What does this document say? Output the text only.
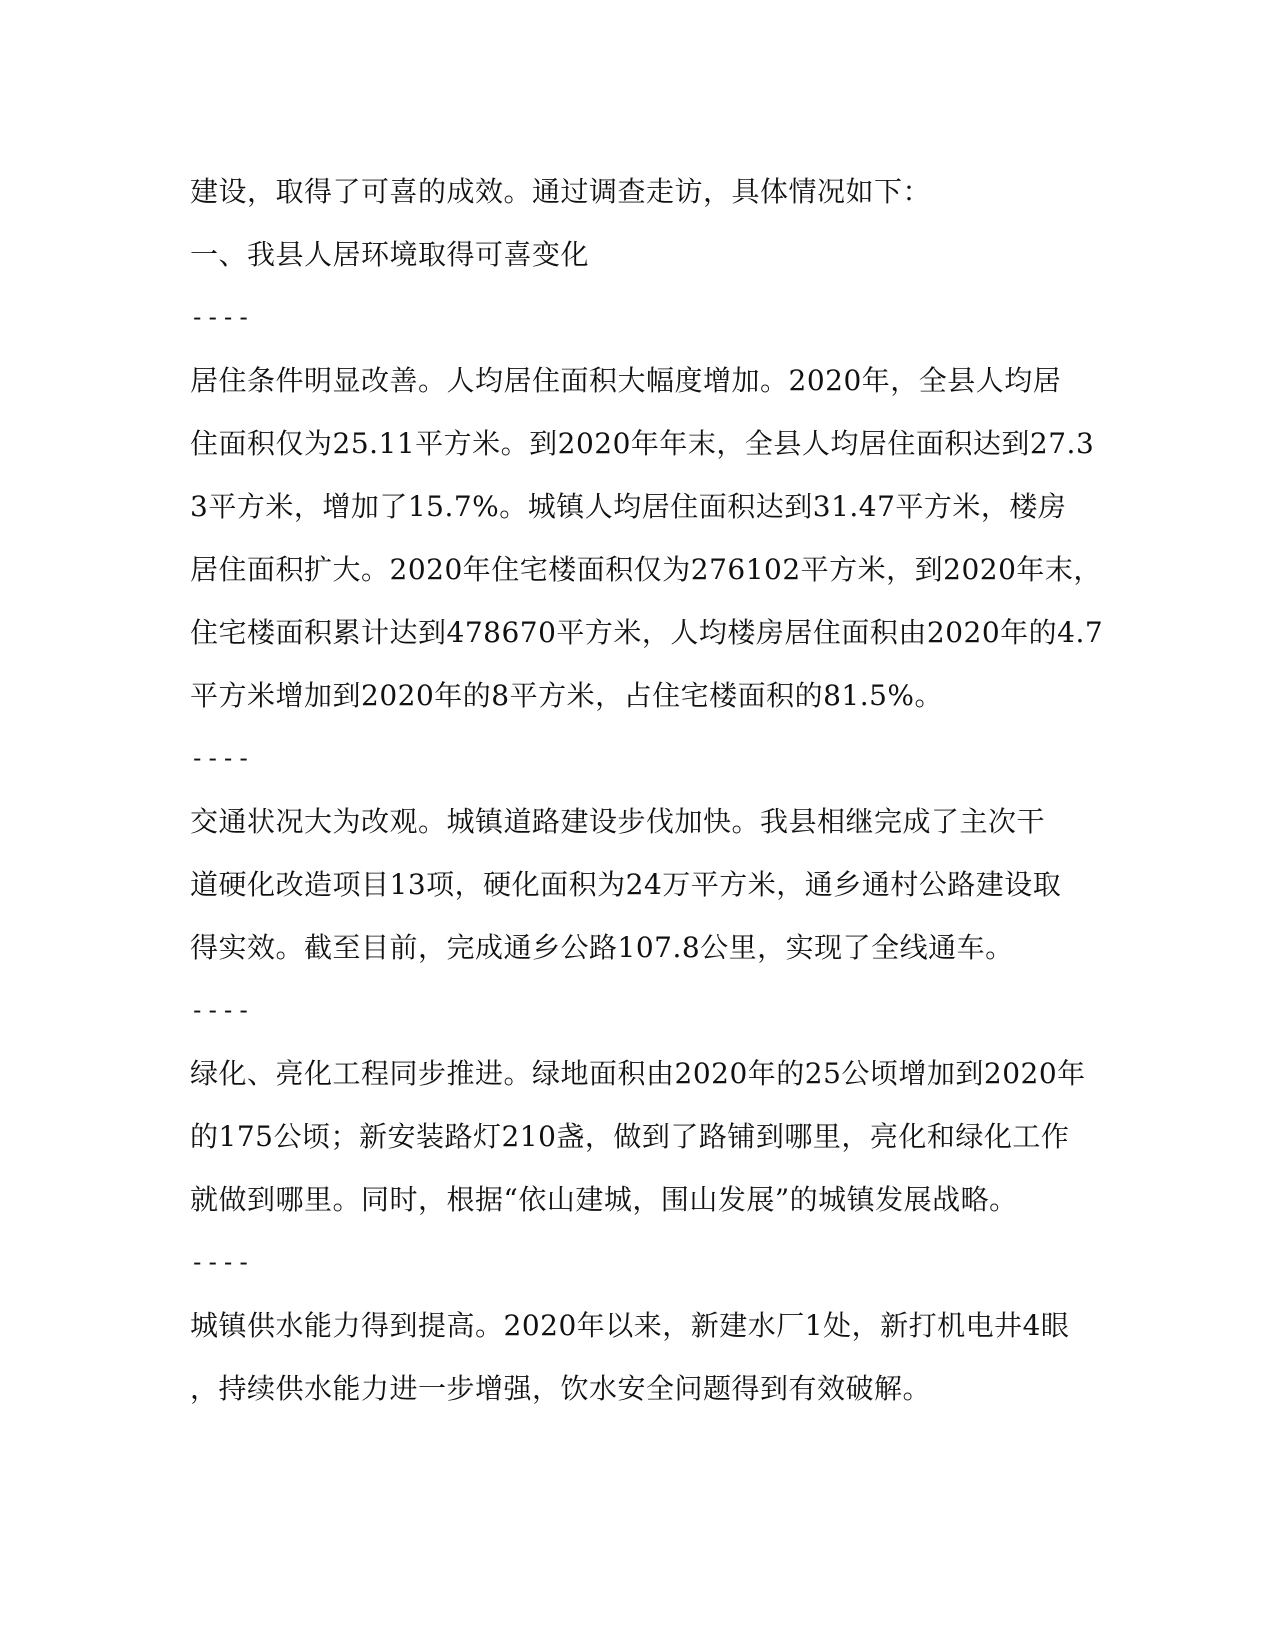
建设，取得了可喜的成效。通过调查走访，具体情况如下：
一、我县人居环境取得可喜变化
----
居住条件明显改善。人均居住面积大幅度增加。2020年，全县人均居
住面积仅为25.11平方米。到2020年年末，全县人均居住面积达到27.3
3平方米，增加了15.7%。城镇人均居住面积达到31.47平方米，楼房
居住面积扩大。2020年住宅楼面积仅为276102平方米，到2020年末，
住宅楼面积累计达到478670平方米，人均楼房居住面积由2020年的4.7
平方米增加到2020年的8平方米，占住宅楼面积的81.5%。
----
交通状况大为改观。城镇道路建设步伐加快。我县相继完成了主次干
道硬化改造项目13项，硬化面积为24万平方米，通乡通村公路建设取
得实效。截至目前，完成通乡公路107.8公里，实现了全线通车。
----
绿化、亮化工程同步推进。绿地面积由2020年的25公顷增加到2020年
的175公顷；新安装路灯210盏，做到了路铺到哪里，亮化和绿化工作
就做到哪里。同时，根据“依山建城，围山发展”的城镇发展战略。
----
城镇供水能力得到提高。2020年以来，新建水厂1处，新打机电井4眼
，持续供水能力进一步增强，饮水安全问题得到有效破解。
